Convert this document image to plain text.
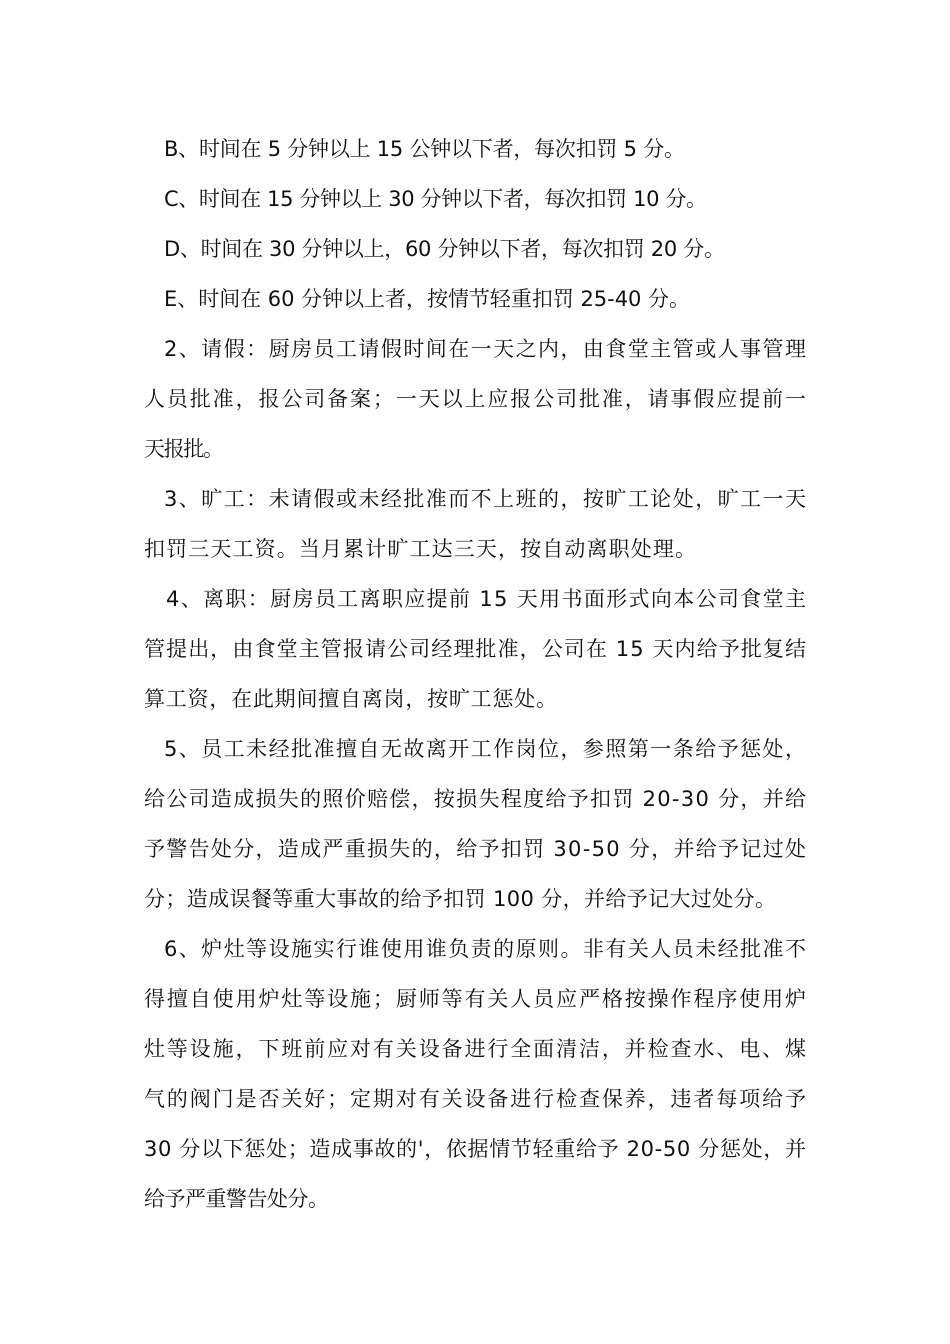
B、时间在 5 分钟以上 15 公钟以下者，每次扣罚 5 分。
C、时间在 15 分钟以上 30 分钟以下者，每次扣罚 10 分。
D、时间在 30 分钟以上，60 分钟以下者，每次扣罚 20 分。
E、时间在 60 分钟以上者，按情节轻重扣罚 25-40 分。
2、请假：厨房员工请假时间在一天之内，由食堂主管或人事管理
人员批准，报公司备案；一天以上应报公司批准，请事假应提前一
天报批。
3、旷工：未请假或未经批准而不上班的，按旷工论处，旷工一天
扣罚三天工资。当月累计旷工达三天，按自动离职处理。
4、离职：厨房员工离职应提前 15 天用书面形式向本公司食堂主
管提出，由食堂主管报请公司经理批准，公司在 15 天内给予批复结
算工资，在此期间擅自离岗，按旷工惩处。
5、员工未经批准擅自无故离开工作岗位，参照第一条给予惩处，
给公司造成损失的照价赔偿，按损失程度给予扣罚 20-30 分，并给
予警告处分，造成严重损失的，给予扣罚 30-50 分，并给予记过处
分；造成误餐等重大事故的给予扣罚 100 分，并给予记大过处分。
6、炉灶等设施实行谁使用谁负责的原则。非有关人员未经批准不
得擅自使用炉灶等设施；厨师等有关人员应严格按操作程序使用炉
灶等设施，下班前应对有关设备进行全面清洁，并检查水、电、煤
气的阀门是否关好；定期对有关设备进行检查保养，违者每项给予
30 分以下惩处；造成事故的'，依据情节轻重给予 20-50 分惩处，并
给予严重警告处分。
